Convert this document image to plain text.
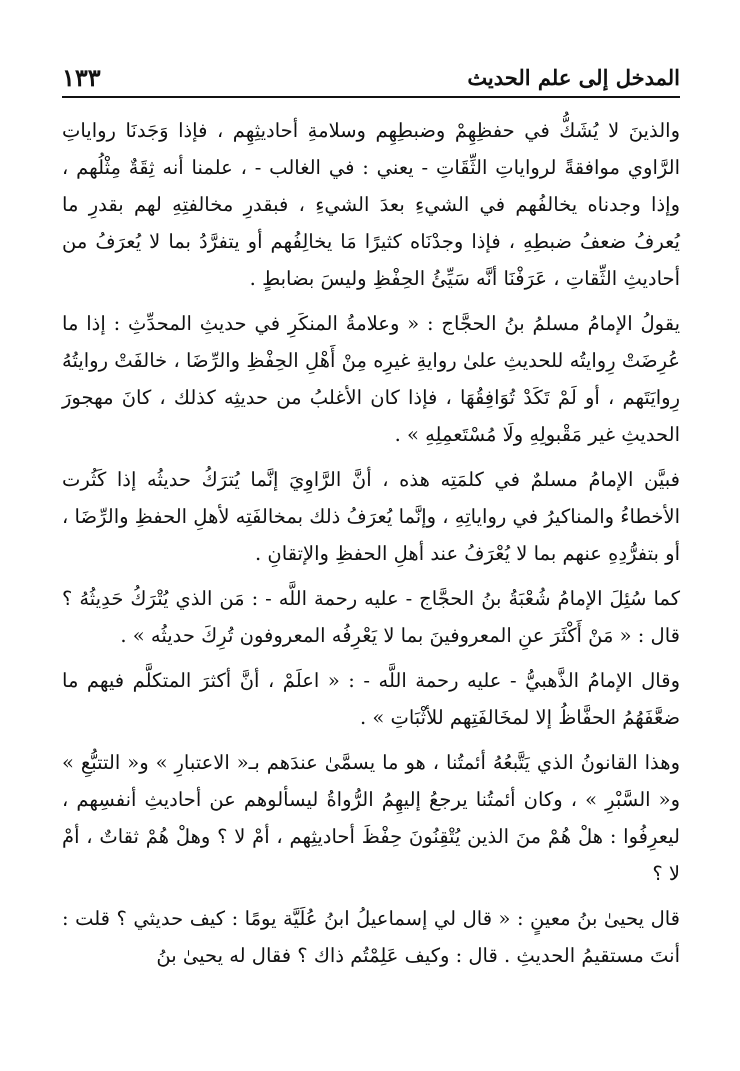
المدخل إلى علم الحديث
١٣٣

والذينَ لا يُشَكُّ في حفظِهِمْ وضبطِهِم وسلامةِ أحاديثِهِم ، فإذا وَجَدنَا رواياتِ الرَّاوي موافقةً لرواياتِ الثِّقَاتِ - يعني : في الغالب - ، علمنا أنه ثِقَةٌ مِثْلُهم ، وإذا وجدناه يخالفُهم في الشيءِ بعدَ الشيءِ ، فبقدرِ مخالفتِهِ لهم بقدرِ ما يُعرفُ ضعفُ ضبطِهِ ، فإذا وجدْنَاه كثيرًا مَا يخالِفُهم أو يتفرَّدُ بما لا يُعرَفُ من أحاديثِ الثِّقاتِ ، عَرَفْنَا أنَّه سَيِّئُ الحِفْظِ وليسَ بضابطٍ .

يقولُ الإمامُ مسلمُ بنُ الحجَّاج : « وعلامةُ المنكَرِ في حديثِ المحدِّثِ : إذا ما عُرِضَتْ رِوايتُه للحديثِ علىٰ روايةِ غيرِه مِنْ أَهْلِ الحِفْظِ والرِّضَا ، خالفَتْ روايتُهُ رِوايَتَهم ، أو لَمْ تَكَدْ تُوَافِقُهَا ، فإذا كان الأغلبُ من حديثِه كذلك ، كانَ مهجورَ الحديثِ غير مَقْبولِهِ ولَا مُسْتَعمِلِهِ » .

فبيَّن الإمامُ مسلمٌ في كلمَتِه هذه ، أنَّ الرَّاوِيَ إنَّما يُترَكُ حديثُه إذا كَثُرت الأخطاءُ والمناكيرُ في رواياتِهِ ، وإنَّما يُعرَفُ ذلك بمخالفَتِه لأهلِ الحفظِ والرِّضَا ، أو بتفرُّدِهِ عنهم بما لا يُعْرَفُ عند أهلِ الحفظِ والإتقانِ .

كما سُئِلَ الإمامُ شُعْبَةُ بنُ الحجَّاج - عليه رحمة اللَّه - : مَن الذي يُتْرَكُ حَدِيثُهُ ؟ قال : « مَنْ أَكْثَرَ عنِ المعروفينَ بما لا يَعْرِفُه المعروفون تُرِكَ حديثُه » .

وقال الإمامُ الذَّهبيُّ - عليه رحمة اللَّه - : « اعلَمْ ، أنَّ أكثرَ المتكلَّم فيهم ما ضعَّفَهُمُ الحفَّاظُ إلا لمخَالفَتِهم للأثْبَاتِ » .

وهذا القانونُ الذي يَتَّبعُهُ أئمتُنا ، هو ما يسمَّىٰ عندَهم بـ« الاعتبارِ » و« التتبُّعِ » و« السَّبْرِ » ، وكان أئمتُنا يرجعُ إليهِمُ الرُّواةُ ليسألوهم عن أحاديثِ أنفسِهم ، ليعرِفُوا : هلْ هُمْ منَ الذين يُتْقِنُونَ حِفْظَ أحاديثِهم ، أمْ لا ؟ وهلْ هُمْ ثقاتٌ ، أمْ لا ؟

قال يحيىٰ بنُ معينٍ : « قال لي إسماعيلُ ابنُ عُلَيَّة يومًا : كيف حديثي ؟ قلت : أنتَ مستقيمُ الحديثِ . قال : وكيف عَلِمْتُم ذاك ؟ فقال له يحيىٰ بنُ
